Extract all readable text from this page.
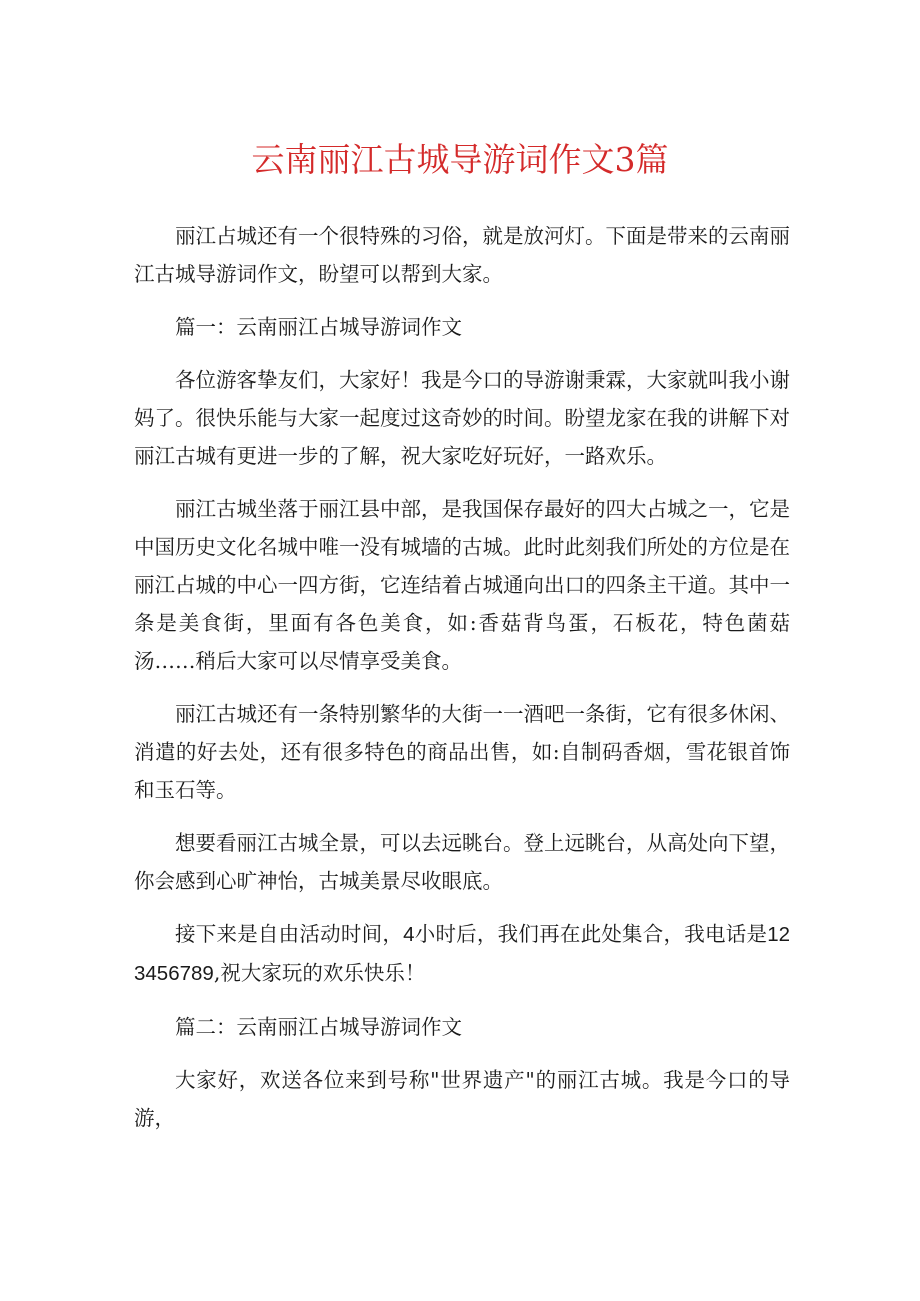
云南丽江古城导游词作文3篇

丽江占城还有一个很特殊的习俗，就是放河灯。下面是带来的云南丽江古城导游词作文，盼望可以帮到大家。

篇一：云南丽江占城导游词作文

各位游客挚友们，大家好！我是今口的导游谢秉霖，大家就叫我小谢妈了。很快乐能与大家一起度过这奇妙的时间。盼望龙家在我的讲解下对丽江古城有更进一步的了解，祝大家吃好玩好，一路欢乐。

丽江古城坐落于丽江县中部，是我国保存最好的四大占城之一，它是中国历史文化名城中唯一没有城墙的古城。此时此刻我们所处的方位是在丽江占城的中心一四方街，它连结着占城通向出口的四条主干道。其中一条是美食街，里面有各色美食，如:香菇背鸟蛋，石板花，特色菌菇汤……稍后大家可以尽情享受美食。

丽江古城还有一条特别繁华的大街一一酒吧一条街，它有很多休闲、消遣的好去处，还有很多特色的商品出售，如:自制码香烟，雪花银首饰和玉石等。

想要看丽江古城全景，可以去远眺台。登上远眺台，从高处向下望，你会感到心旷神怡，古城美景尽收眼底。

接下来是自由活动时间，4小时后，我们再在此处集合，我电话是123456789,祝大家玩的欢乐快乐！

篇二：云南丽江占城导游词作文

大家好，欢送各位来到号称"世界遗产"的丽江古城。我是今口的导游，
